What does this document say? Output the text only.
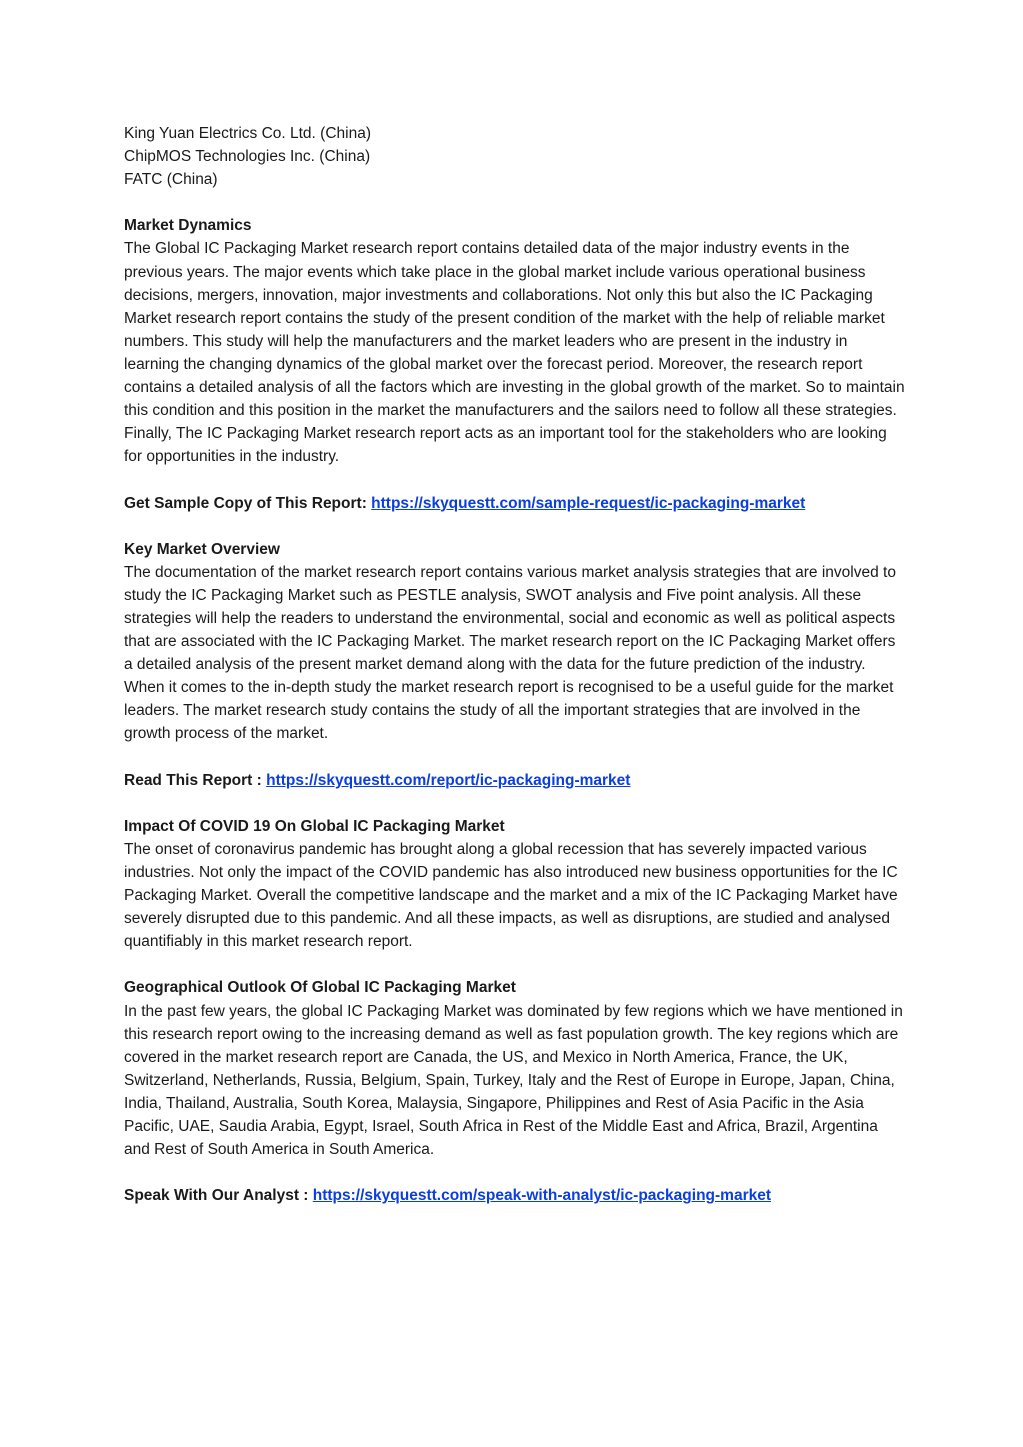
King Yuan Electrics Co. Ltd. (China)
ChipMOS Technologies Inc. (China)
FATC (China)
Market Dynamics

The Global IC Packaging Market research report contains detailed data of the major industry events in the previous years. The major events which take place in the global market include various operational business decisions, mergers, innovation, major investments and collaborations. Not only this but also the IC Packaging Market research report contains the study of the present condition of the market with the help of reliable market numbers. This study will help the manufacturers and the market leaders who are present in the industry in learning the changing dynamics of the global market over the forecast period. Moreover, the research report contains a detailed analysis of all the factors which are investing in the global growth of the market. So to maintain this condition and this position in the market the manufacturers and the sailors need to follow all these strategies. Finally, The IC Packaging Market research report acts as an important tool for the stakeholders who are looking for opportunities in the industry.

Get Sample Copy of This Report: https://skyquestt.com/sample-request/ic-packaging-market
Key Market Overview

The documentation of the market research report contains various market analysis strategies that are involved to study the IC Packaging Market such as PESTLE analysis, SWOT analysis and Five point analysis. All these strategies will help the readers to understand the environmental, social and economic as well as political aspects that are associated with the IC Packaging Market. The market research report on the IC Packaging Market offers a detailed analysis of the present market demand along with the data for the future prediction of the industry. When it comes to the in-depth study the market research report is recognised to be a useful guide for the market leaders. The market research study contains the study of all the important strategies that are involved in the growth process of the market.

Read This Report : https://skyquestt.com/report/ic-packaging-market
Impact Of COVID 19 On Global IC Packaging Market

The onset of coronavirus pandemic has brought along a global recession that has severely impacted various industries. Not only the impact of the COVID pandemic has also introduced new business opportunities for the IC Packaging Market. Overall the competitive landscape and the market and a mix of the IC Packaging Market have severely disrupted due to this pandemic. And all these impacts, as well as disruptions, are studied and analysed quantifiably in this market research report.

Geographical Outlook Of Global IC Packaging Market

In the past few years, the global IC Packaging Market was dominated by few regions which we have mentioned in this research report owing to the increasing demand as well as fast population growth. The key regions which are covered in the market research report are Canada, the US, and Mexico in North America, France, the UK, Switzerland, Netherlands, Russia, Belgium, Spain, Turkey, Italy and the Rest of Europe in Europe, Japan, China, India, Thailand, Australia, South Korea, Malaysia, Singapore, Philippines and Rest of Asia Pacific in the Asia Pacific, UAE, Saudia Arabia, Egypt, Israel, South Africa in Rest of the Middle East and Africa, Brazil, Argentina and Rest of South America in South America.

Speak With Our Analyst : https://skyquestt.com/speak-with-analyst/ic-packaging-market
